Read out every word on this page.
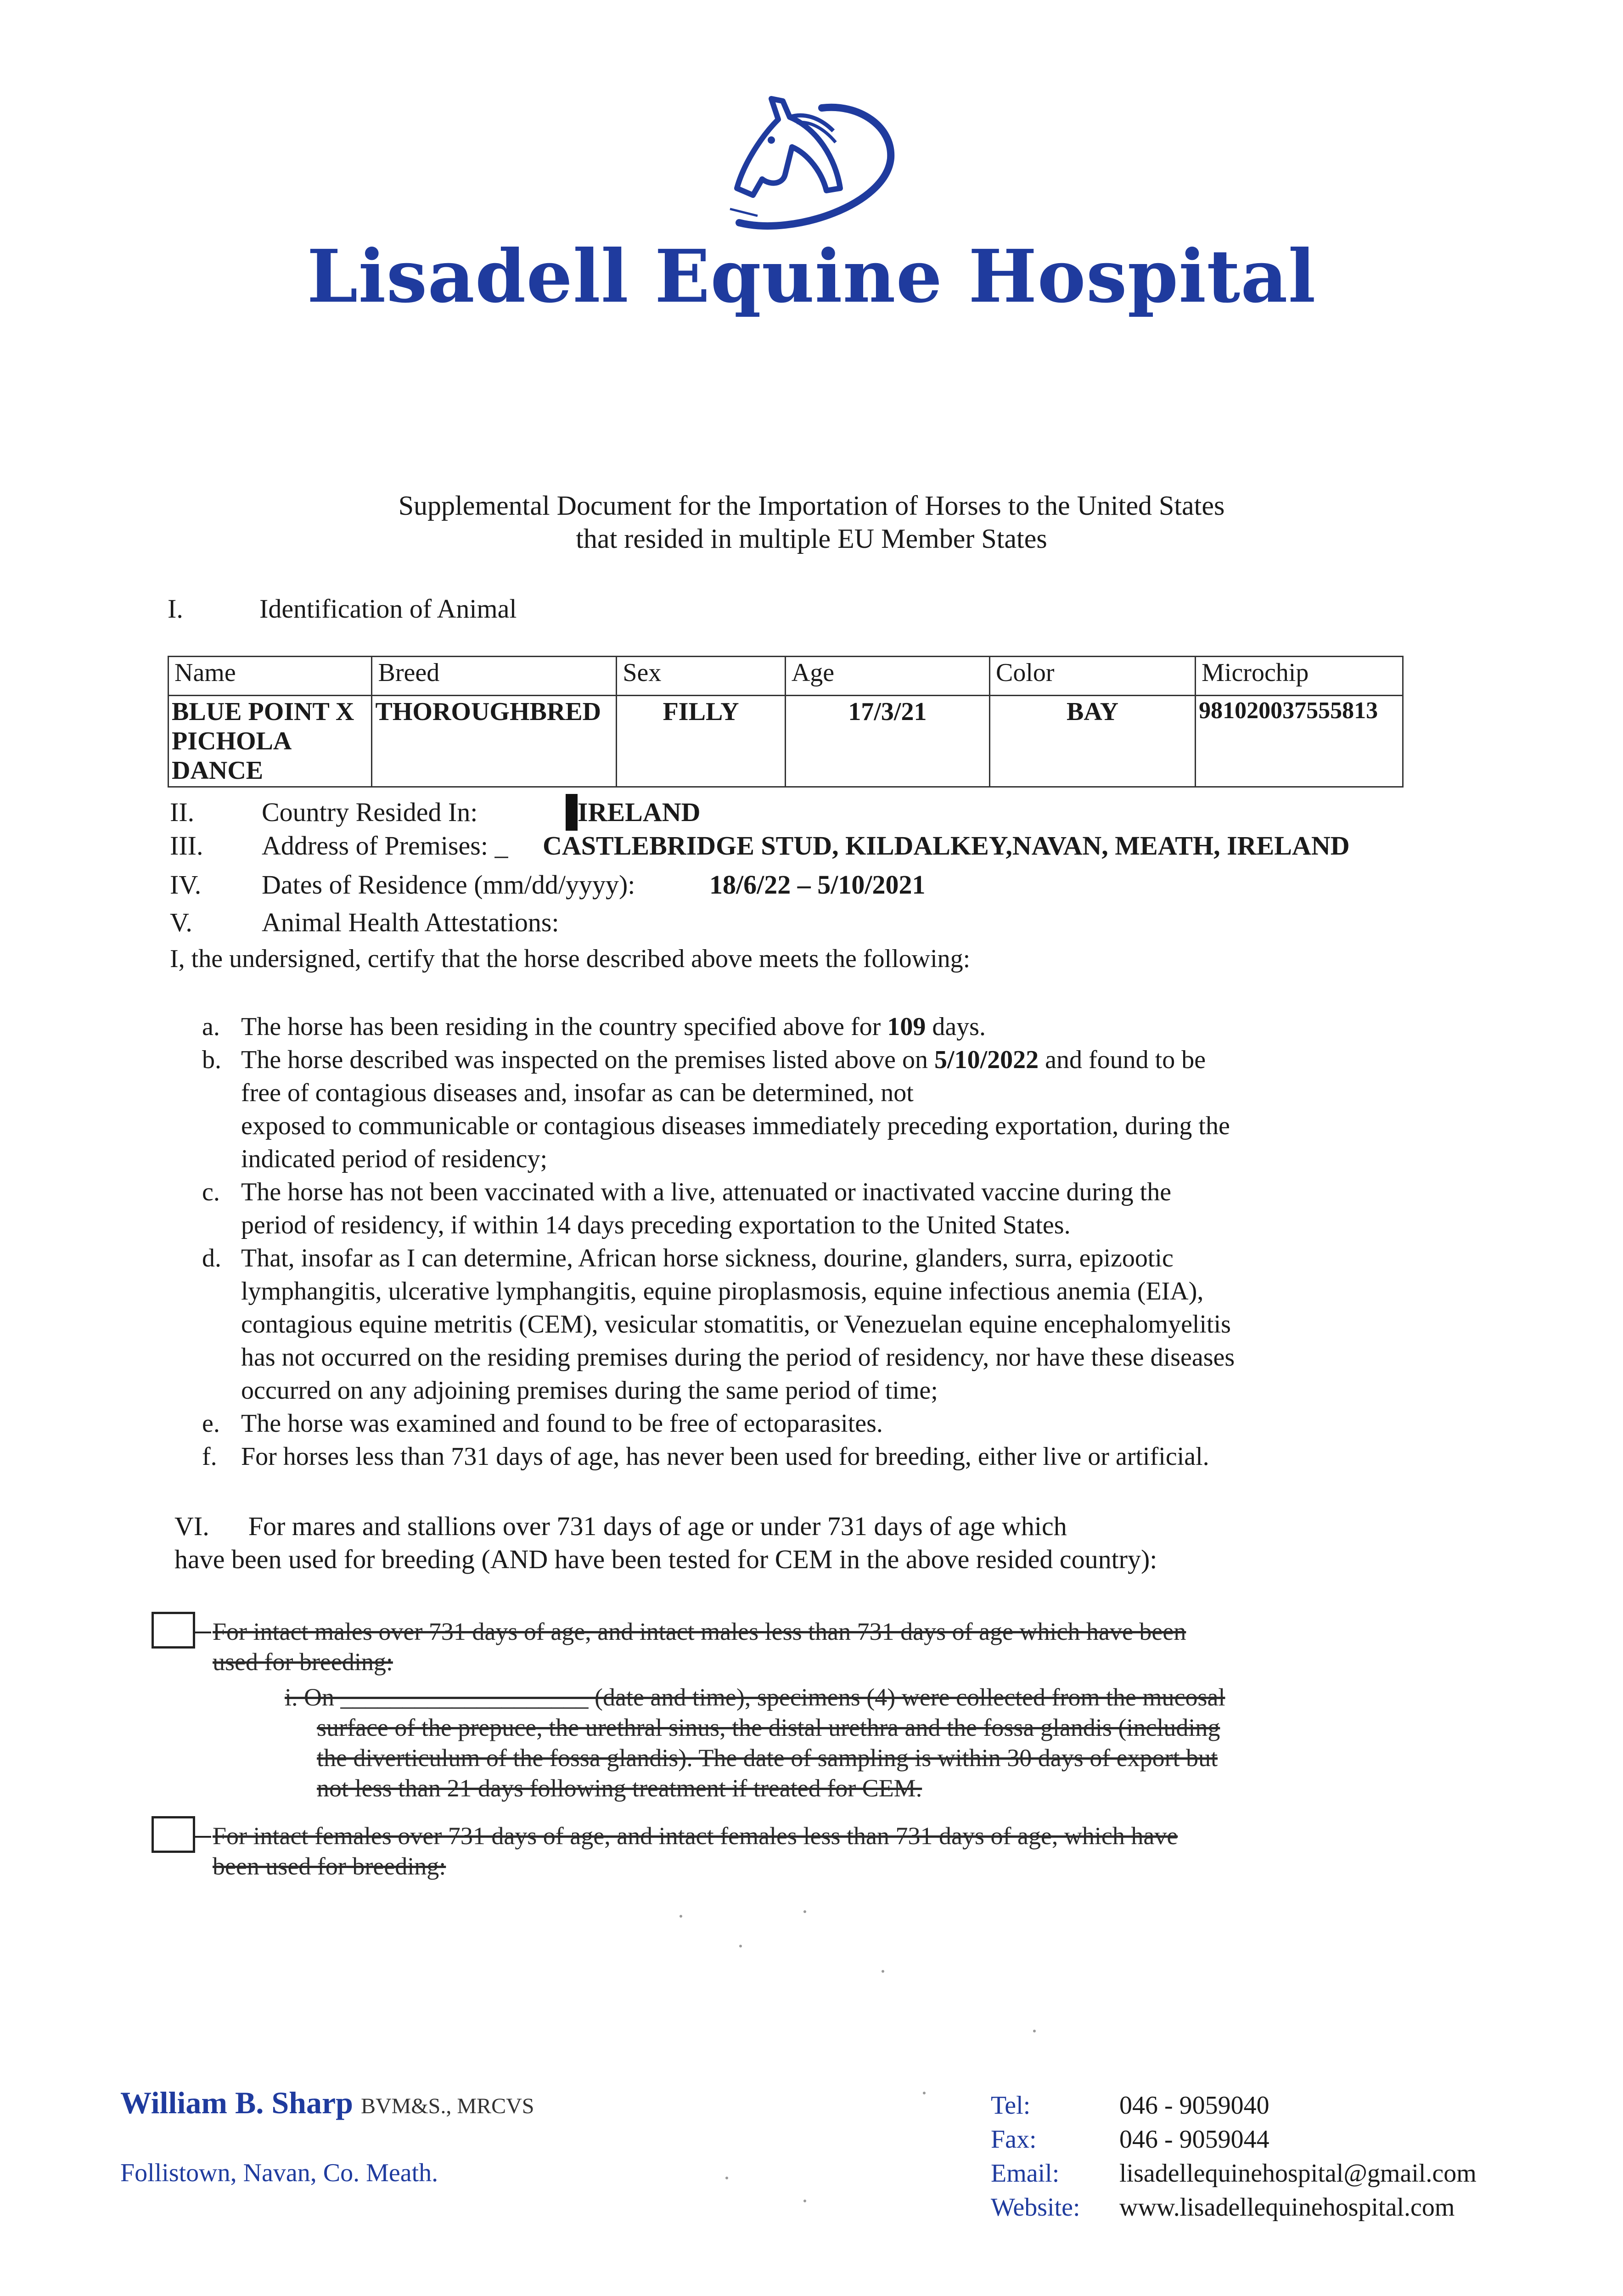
Lisadell Equine Hospital
Supplemental Document for the Importation of Horses to the United States
that resided in multiple EU Member States
I.	Identification of Animal
Name	Breed	Sex	Age	Color	Microchip

BLUE POINT X
PICHOLA
DANCE	THOROUGHBRED	FILLY	17/3/21	BAY	981020037555813
II.	Country Resided In:	IRELAND
III. Address of Premises: _ CASTLEBRIDGE STUD, KILDALKEY,NAVAN, MEATH, IRELAND
IV. Dates of Residence (mm/dd/yyyy):	18/6/22 – 5/10/2021
V.	Animal Health Attestations:
I, the undersigned, certify that the horse described above meets the following:
a. The horse has been residing in the country specified above for 109 days.
b. The horse described was inspected on the premises listed above on 5/10/2022 and found to be
free of contagious diseases and, insofar as can be determined, not
exposed to communicable or contagious diseases immediately preceding exportation, during the
indicated period of residency;
c. The horse has not been vaccinated with a live, attenuated or inactivated vaccine during the
period of residency, if within 14 days preceding exportation to the United States.
d. That, insofar as I can determine, African horse sickness, dourine, glanders, surra, epizootic
lymphangitis, ulcerative lymphangitis, equine piroplasmosis, equine infectious anemia (EIA),
contagious equine metritis (CEM), vesicular stomatitis, or Venezuelan equine encephalomyelitis
has not occurred on the residing premises during the period of residency, nor have these diseases
occurred on any adjoining premises during the same period of time;
e. The horse was examined and found to be free of ectoparasites.
f. For horses less than 731 days of age, has never been used for breeding, either live or artificial.
VI. For mares and stallions over 731 days of age or under 731 days of age which
have been used for breeding (AND have been tested for CEM in the above resided country):
For intact males over 731 days of age, and intact males less than 731 days of age which have been
used for breeding:
i. On ____________________ (date and time), specimens (4) were collected from the mucosal
surface of the prepuce, the urethral sinus, the distal urethra and the fossa glandis (including
the diverticulum of the fossa glandis). The date of sampling is within 30 days of export but
not less than 21 days following treatment if treated for CEM.
For intact females over 731 days of age, and intact females less than 731 days of age, which have
been used for breeding:
William B. Sharp BVM&S., MRCVS
Follistown, Navan, Co. Meath.
Tel:	046 - 9059040
Fax:	046 - 9059044
Email: lisadellequinehospital@gmail.com
Website: www.lisadellequinehospital.com
